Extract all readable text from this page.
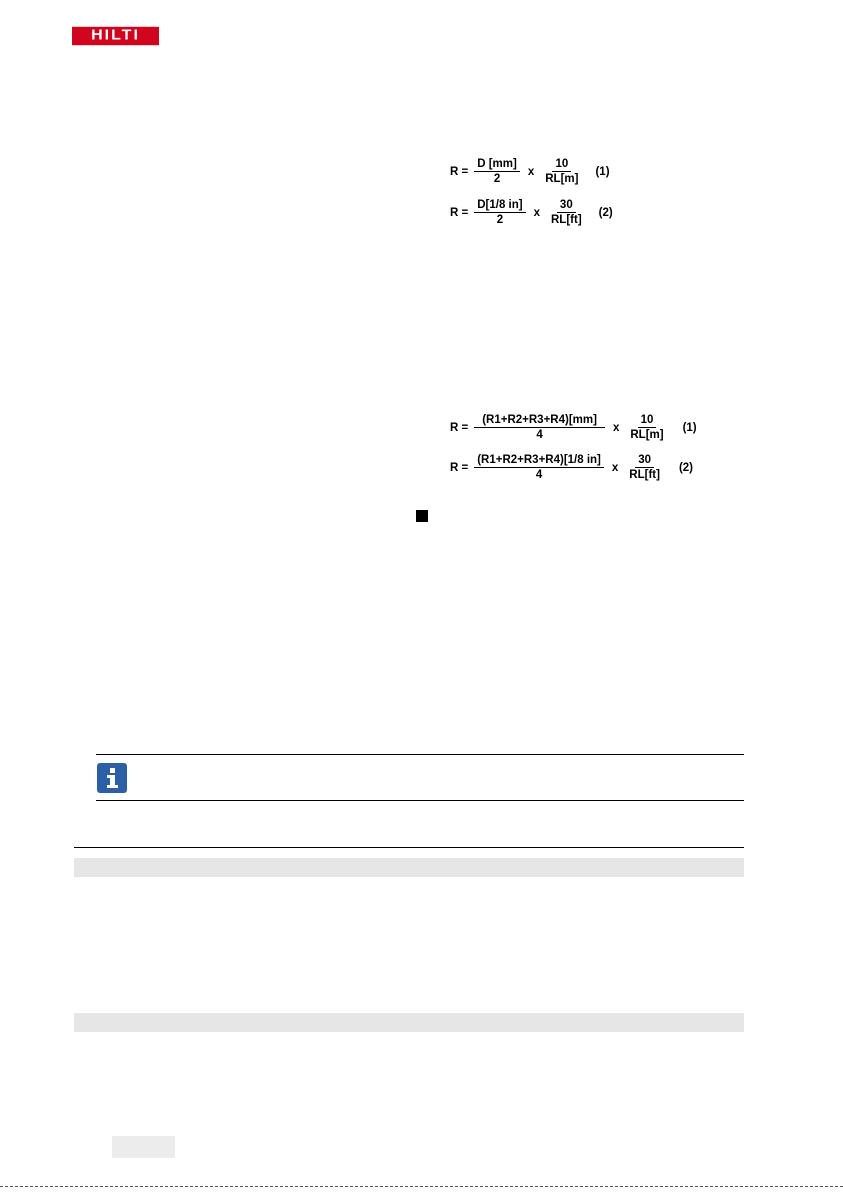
HILTI
$R = \frac{D [mm]}{2}$ x $\frac{10}{RL[m]} (1)$
$R = \frac{D[1/8 in]}{2}$ x $\frac{30}{RL[ft]} (2)$
$R = \frac{(R1+R2+R3+R4)[mm]}{4}$ x $\frac{10}{RL[m]} (1)$
$R = \frac{(R1+R2+R3+R4)[1/8 in]}{4}$ x $\frac{30}{RL[ft]} (2)$
